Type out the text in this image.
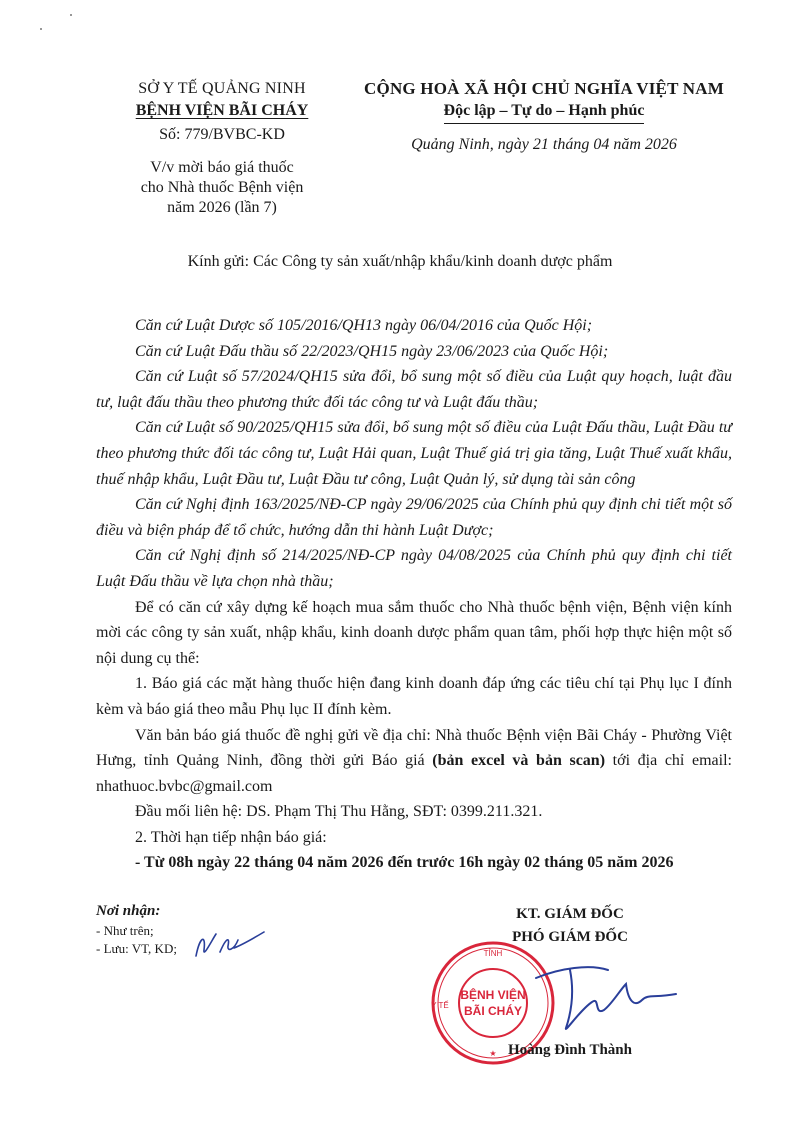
SỞ Y TẾ QUẢNG NINH
BỆNH VIỆN BÃI CHÁY
Số: 779/BVBC-KD
V/v mời báo giá thuốc
cho Nhà thuốc Bệnh viện
năm 2026 (lần 7)
CỘNG HOÀ XÃ HỘI CHỦ NGHĨA VIỆT NAM
Độc lập – Tự do – Hạnh phúc
Quảng Ninh, ngày 21 tháng 04 năm 2026
Kính gửi: Các Công ty sản xuất/nhập khẩu/kinh doanh dược phẩm

Căn cứ Luật Dược số 105/2016/QH13 ngày 06/04/2016 của Quốc Hội;

Căn cứ Luật Đấu thầu số 22/2023/QH15 ngày 23/06/2023 của Quốc Hội;

Căn cứ Luật số 57/2024/QH15 sửa đổi, bổ sung một số điều của Luật quy hoạch, luật đầu tư, luật đấu thầu theo phương thức đối tác công tư và Luật đấu thầu;

Căn cứ Luật số 90/2025/QH15 sửa đổi, bổ sung một số điều của Luật Đấu thầu, Luật Đầu tư theo phương thức đối tác công tư, Luật Hải quan, Luật Thuế giá trị gia tăng, Luật Thuế xuất khẩu, thuế nhập khẩu, Luật Đầu tư, Luật Đầu tư công, Luật Quản lý, sử dụng tài sản công

Căn cứ Nghị định 163/2025/NĐ-CP ngày 29/06/2025 của Chính phủ quy định chi tiết một số điều và biện pháp để tổ chức, hướng dẫn thi hành Luật Dược;

Căn cứ Nghị định số 214/2025/NĐ-CP ngày 04/08/2025 của Chính phủ quy định chi tiết Luật Đấu thầu về lựa chọn nhà thầu;

Để có căn cứ xây dựng kế hoạch mua sắm thuốc cho Nhà thuốc bệnh viện, Bệnh viện kính mời các công ty sản xuất, nhập khẩu, kinh doanh dược phẩm quan tâm, phối hợp thực hiện một số nội dung cụ thể:

1. Báo giá các mặt hàng thuốc hiện đang kinh doanh đáp ứng các tiêu chí tại Phụ lục I đính kèm và báo giá theo mẫu Phụ lục II đính kèm.

Văn bản báo giá thuốc đề nghị gửi về địa chỉ: Nhà thuốc Bệnh viện Bãi Cháy - Phường Việt Hưng, tỉnh Quảng Ninh, đồng thời gửi Báo giá (bản excel và bản scan) tới địa chỉ email: nhathuoc.bvbc@gmail.com

Đầu mối liên hệ: DS. Phạm Thị Thu Hằng, SĐT: 0399.211.321.

2. Thời hạn tiếp nhận báo giá:

- Từ 08h ngày 22 tháng 04 năm 2026 đến trước 16h ngày 02 tháng 05 năm 2026

Nơi nhận:
- Như trên;
- Lưu: VT, KD;
KT. GIÁM ĐỐC
PHÓ GIÁM ĐỐC
TỈNH
Y TẾ
★
BỆNH VIỆN
BÃI CHÁY
Hoàng Đình Thành
